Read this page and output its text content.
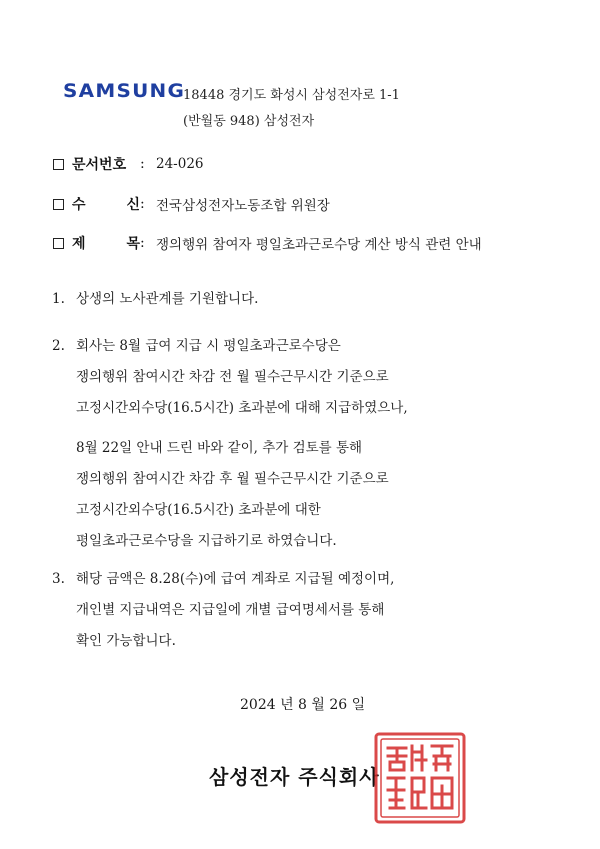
SAMSUNG
18448 경기도 화성시 삼성전자로 1-1
(반월동 948) 삼성전자
문서번호 : 24-026
수	신 : 전국삼성전자노동조합 위원장
제	목 : 쟁의행위 참여자 평일초과근로수당 계산 방식 관련 안내
1. 상생의 노사관계를 기원합니다.
2. 회사는 8월 급여 지급 시 평일초과근로수당은
쟁의행위 참여시간 차감 전 월 필수근무시간 기준으로
고정시간외수당(16.5시간) 초과분에 대해 지급하였으나,
8월 22일 안내 드린 바와 같이, 추가 검토를 통해
쟁의행위 참여시간 차감 후 월 필수근무시간 기준으로
고정시간외수당(16.5시간) 초과분에 대한
평일초과근로수당을 지급하기로 하였습니다.
3. 해당 금액은 8.28(수)에 급여 계좌로 지급될 예정이며,
개인별 지급내역은 지급일에 개별 급여명세서를 통해
확인 가능합니다.
2024 년 8 월 26 일
삼성전자 주식회사
